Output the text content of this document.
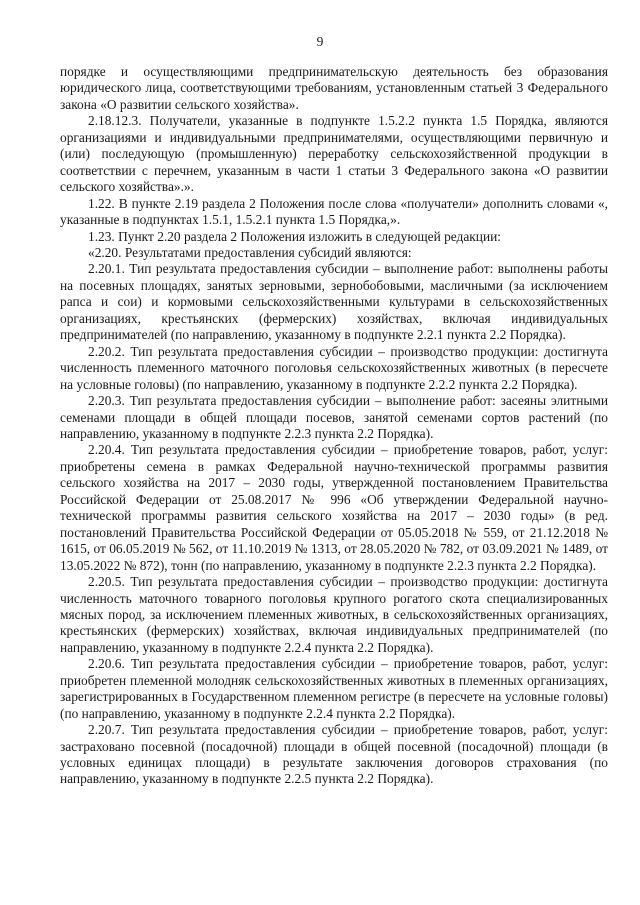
9

порядке и осуществляющими предпринимательскую деятельность без образования юридического лица, соответствующими требованиям, установленным статьей 3 Федерального закона «О развитии сельского хозяйства».

2.18.12.3. Получатели, указанные в подпункте 1.5.2.2 пункта 1.5 Порядка, являются организациями и индивидуальными предпринимателями, осуществляющими первичную и (или) последующую (промышленную) переработку сельскохозяйственной продукции в соответствии с перечнем, указанным в части 1 статьи 3 Федерального закона «О развитии сельского хозяйства».».

1.22. В пункте 2.19 раздела 2 Положения после слова «получатели» дополнить словами «, указанные в подпунктах 1.5.1, 1.5.2.1 пункта 1.5 Порядка,».

1.23. Пункт 2.20 раздела 2 Положения изложить в следующей редакции:

«2.20. Результатами предоставления субсидий являются:

2.20.1. Тип результата предоставления субсидии – выполнение работ: выполнены работы на посевных площадях, занятых зерновыми, зернобобовыми, масличными (за исключением рапса и сои) и кормовыми сельскохозяйственными культурами в сельскохозяйственных организациях, крестьянских (фермерских) хозяйствах, включая индивидуальных предпринимателей (по направлению, указанному в подпункте 2.2.1 пункта 2.2 Порядка).

2.20.2. Тип результата предоставления субсидии – производство продукции: достигнута численность племенного маточного поголовья сельскохозяйственных животных (в пересчете на условные головы) (по направлению, указанному в подпункте 2.2.2 пункта 2.2 Порядка).

2.20.3. Тип результата предоставления субсидии – выполнение работ: засеяны элитными семенами площади в общей площади посевов, занятой семенами сортов растений (по направлению, указанному в подпункте 2.2.3 пункта 2.2 Порядка).

2.20.4. Тип результата предоставления субсидии – приобретение товаров, работ, услуг: приобретены семена в рамках Федеральной научно-технической программы развития сельского хозяйства на 2017 – 2030 годы, утвержденной постановлением Правительства Российской Федерации от 25.08.2017 № 996 «Об утверждении Федеральной научно-технической программы развития сельского хозяйства на 2017 – 2030 годы» (в ред. постановлений Правительства Российской Федерации от 05.05.2018 № 559, от 21.12.2018 № 1615, от 06.05.2019 № 562, от 11.10.2019 № 1313, от 28.05.2020 № 782, от 03.09.2021 № 1489, от 13.05.2022 № 872), тонн (по направлению, указанному в подпункте 2.2.3 пункта 2.2 Порядка).

2.20.5. Тип результата предоставления субсидии – производство продукции: достигнута численность маточного товарного поголовья крупного рогатого скота специализированных мясных пород, за исключением племенных животных, в сельскохозяйственных организациях, крестьянских (фермерских) хозяйствах, включая индивидуальных предпринимателей (по направлению, указанному в подпункте 2.2.4 пункта 2.2 Порядка).

2.20.6. Тип результата предоставления субсидии – приобретение товаров, работ, услуг: приобретен племенной молодняк сельскохозяйственных животных в племенных организациях, зарегистрированных в Государственном племенном регистре (в пересчете на условные головы) (по направлению, указанному в подпункте 2.2.4 пункта 2.2 Порядка).

2.20.7. Тип результата предоставления субсидии – приобретение товаров, работ, услуг: застраховано посевной (посадочной) площади в общей посевной (посадочной) площади (в условных единицах площади) в результате заключения договоров страхования (по направлению, указанному в подпункте 2.2.5 пункта 2.2 Порядка).
